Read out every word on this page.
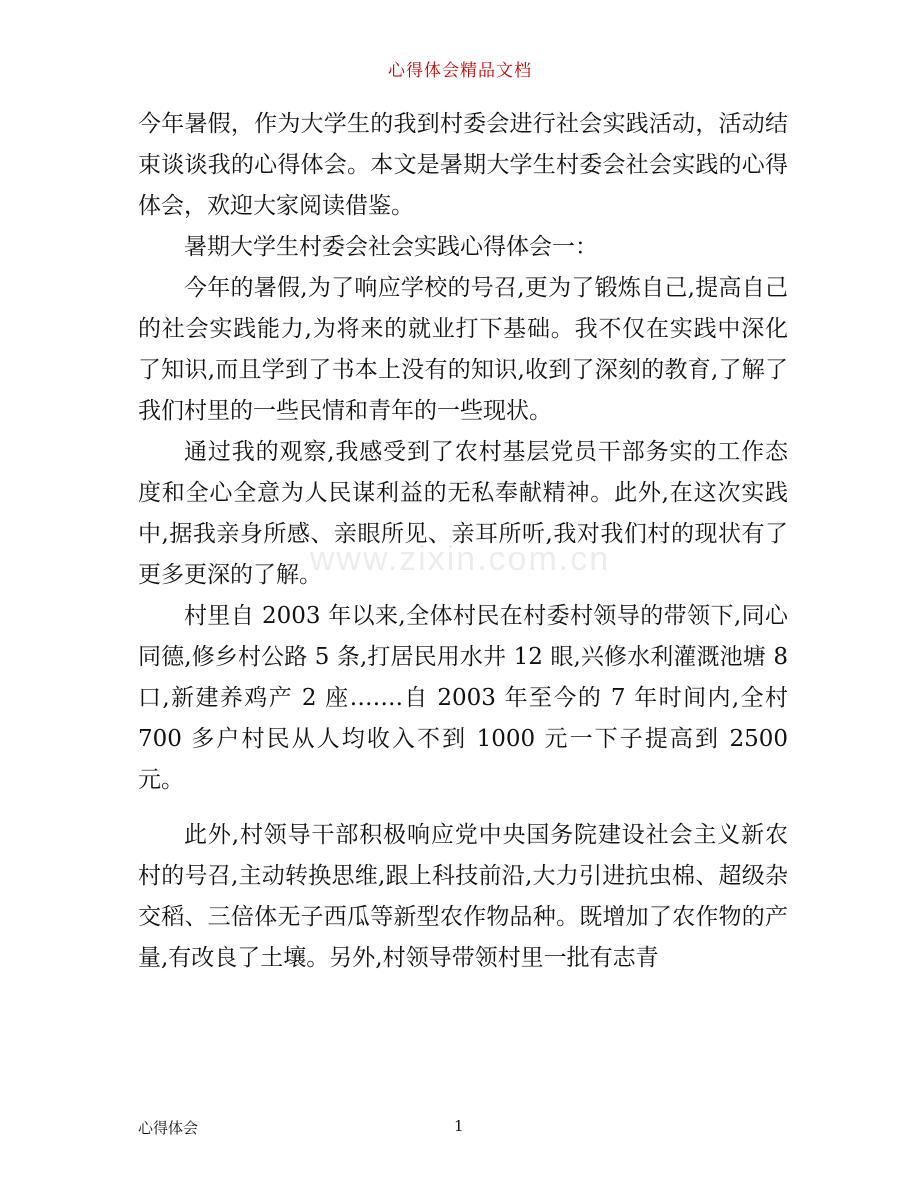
心得体会精品文档
www.zixin.com.cn

今年暑假，作为大学生的我到村委会进行社会实践活动，活动结束谈谈我的心得体会。本文是暑期大学生村委会社会实践的心得体会，欢迎大家阅读借鉴。

暑期大学生村委会社会实践心得体会一：

今年的暑假,为了响应学校的号召,更为了锻炼自己,提高自己的社会实践能力,为将来的就业打下基础。我不仅在实践中深化了知识,而且学到了书本上没有的知识,收到了深刻的教育,了解了我们村里的一些民情和青年的一些现状。

通过我的观察,我感受到了农村基层党员干部务实的工作态度和全心全意为人民谋利益的无私奉献精神。此外,在这次实践中,据我亲身所感、亲眼所见、亲耳所听,我对我们村的现状有了更多更深的了解。

村里自 2003 年以来,全体村民在村委村领导的带领下,同心同德,修乡村公路 5 条,打居民用水井 12 眼,兴修水利灌溉池塘 8 口,新建养鸡产 2 座…….自 2003 年至今的 7 年时间内,全村 700 多户村民从人均收入不到 1000 元一下子提高到 2500 元。

此外,村领导干部积极响应党中央国务院建设社会主义新农村的号召,主动转换思维,跟上科技前沿,大力引进抗虫棉、超级杂交稻、三倍体无子西瓜等新型农作物品种。既增加了农作物的产量,有改良了土壤。另外,村领导带领村里一批有志青

心得体会	1
